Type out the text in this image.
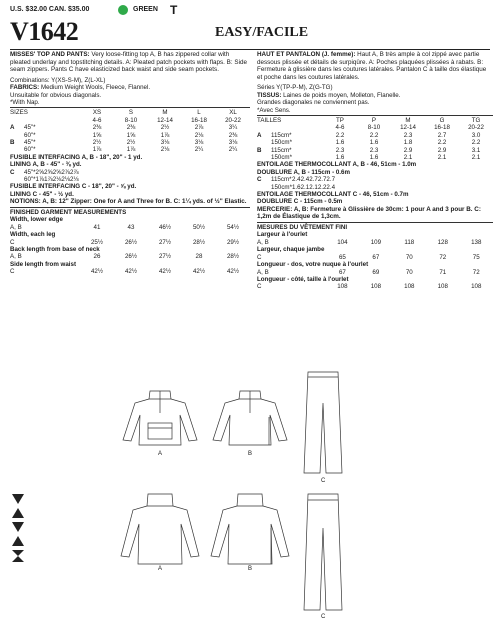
U.S. $32.00 CAN. $35.00	GREEN T
V1642	EASY/FACILE
MISSES' TOP AND PANTS: Very loose-fitting top A, B has zippered collar with pleated underlay and topstitching details. A: Pleated patch pockets with flaps. B: Side seam zippers. Pants C have elasticized back waist and side seam pockets.
Combinations: Y(XS-S-M), Z(L-XL)
FABRICS: Medium Weight Wools, Fleece, Flannel.
Unsuitable for obvious diagonals.
*With Nap.
SIZES	XS	S	M	L	XL
	4-6	8-10	12-14	16-18	20-22
A 45"*	2⅜	2⅜	2½	2⅞	3¼
60"*	1⅝	1⅝	1⅞	2⅛	2⅜
B 45"*	2½	2½	3⅛	3⅛	3⅛
60"*	1⅞	1⅞	2⅛	2¼	2¼
FUSIBLE INTERFACING A, B - 18", 20" - 1 yd.
LINING A, B - 45" - ⅜ yd.
C 45"*	2⅝	2⅝	2⅝	2⅞	2⅞
60"*	1⅞	1⅞	2⅛	2⅛	2⅛
FUSIBLE INTERFACING C - 18", 20" - ⅝ yd.
LINING C - 45" - ½ yd.
NOTIONS: A, B: 12" Zipper: One for A and Three for B. C: 1¼ yds. of ½" Elastic.
FINISHED GARMENT MEASUREMENTS
Width, lower edge					
A, B	41	43	46½	50½	54½
Width, each leg					
C	25½	26½	27½	28½	29½
Back length from base of neck					
A, B	26	26½	27½	28	28½
Side length from waist					
C	42½	42½	42½	42½	42½
HAUT ET PANTALON (J. femme): Haut A, B très ample à col zippé avec partie dessous plissée et détails de surpiqûre. A: Poches plaquées plissées à rabats. B: Fermeture à glissière dans les coutures latérales. Pantalon C à taille dos élastique et poche dans les coutures latérales.
Séries Y(TP-P-M), Z(G-TG)
TISSUS: Laines de poids moyen, Molleton, Flanelle.
Grandes diagonales ne conviennent pas.
*Avec Sens.
TAILLES	TP	P	M	G	TG
	4-6	8-10	12-14	16-18	20-22
A 115cm*	2.2	2.2	2.3	2.7	3.0
150cm*	1.6	1.6	1.8	2.2	2.2
B 115cm*	2.3	2.3	2.9	2.9	3.1
150cm*	1.6	1.6	2.1	2.1	2.1
ENTOILAGE THERMOCOLLANT A, B - 46, 51cm - 1.0m
DOUBLURE A, B - 115cm - 0.6m
C 115cm*	2.4	2.4	2.7	2.7	2.7
150cm*	1.6	2.1	2.1	2.2	2.4
ENTOILAGE THERMOCOLLANT C - 46, 51cm - 0.7m
DOUBLURE C - 115cm - 0.5m
MERCERIE: A, B: Fermeture à Glissière de 30cm: 1 pour A and 3 pour B. C: 1,2m de Élastique de 1,3cm.
MESURES DU VÊTEMENT FINI
Largeur à l'ourlet					
A, B	104	109	118	128	138
Largeur, chaque jambe					
C	65	67	70	72	75
Longueur - dos, votre nuque à l'ourlet					
A, B	67	69	70	71	72
Longueur - côté, taille à l'ourlet					
C	108	108	108	108	108
A	B
C
A	B
C
